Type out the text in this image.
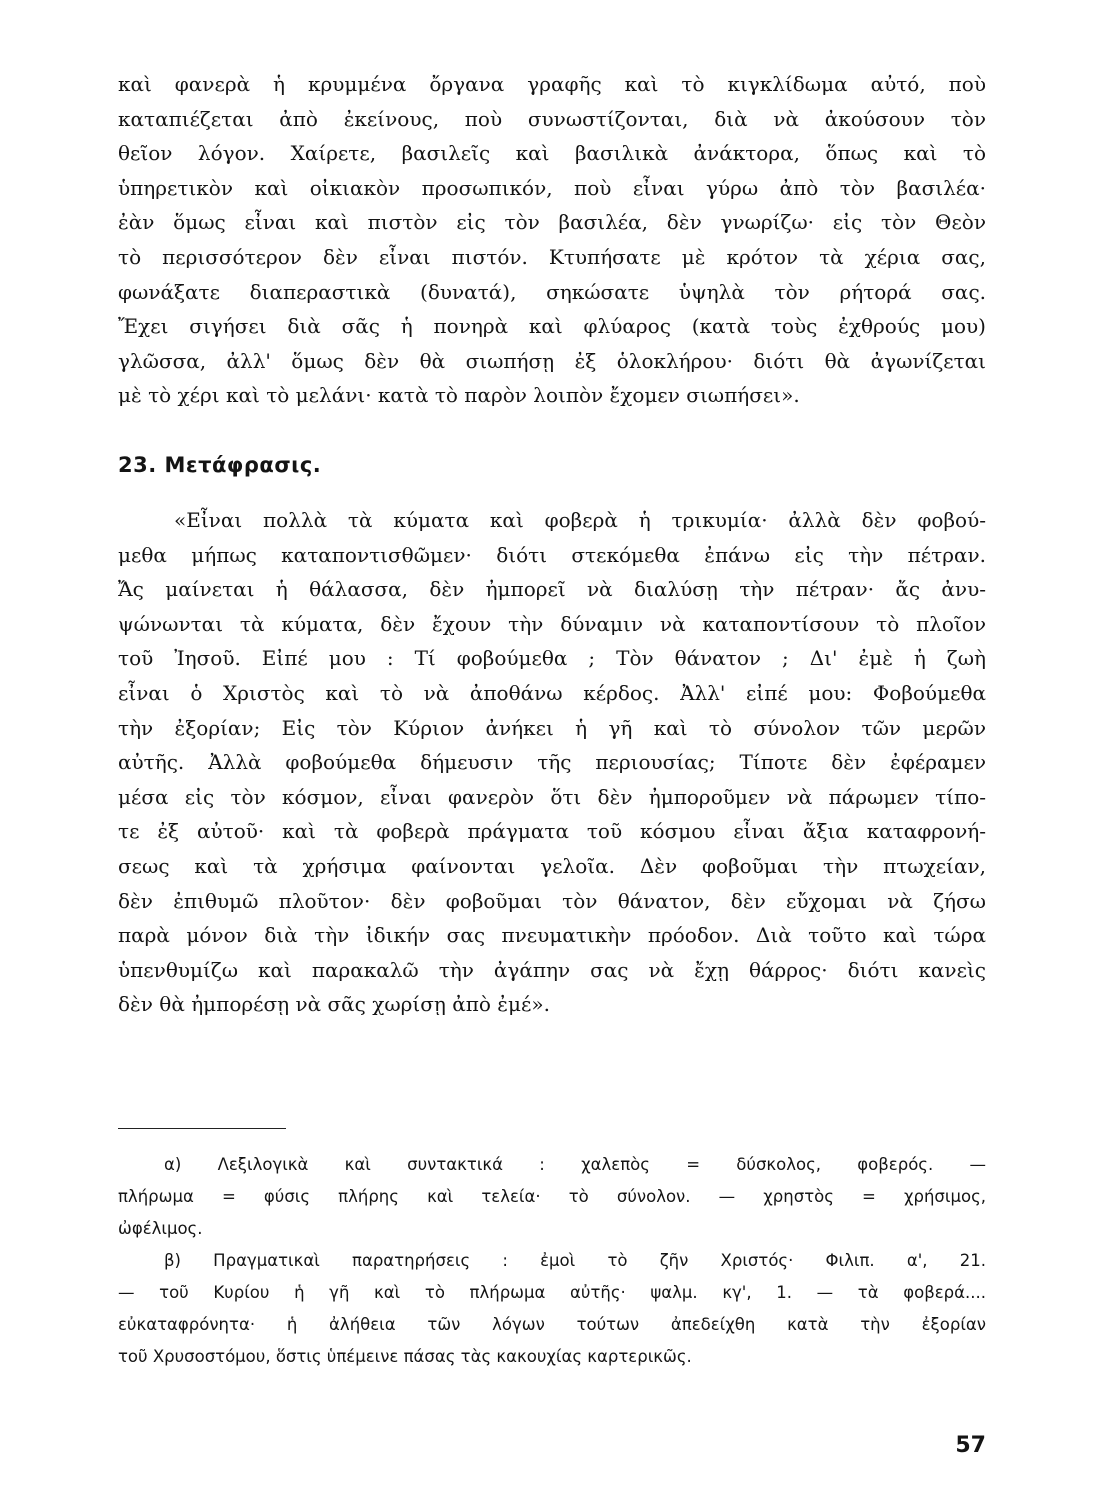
καὶ φανερὰ ἡ κρυμμένα ὄργανα γραφῆς καὶ τὸ κιγκλίδωμα αὐτό, ποὺ
καταπιέζεται ἀπὸ ἐκείνους, ποὺ συνωστίζονται, διὰ νὰ ἀκούσουν τὸν
θεῖον λόγον. Χαίρετε, βασιλεῖς καὶ βασιλικὰ ἀνάκτορα, ὅπως καὶ τὸ
ὑπηρετικὸν καὶ οἰκιακὸν προσωπικόν, ποὺ εἶναι γύρω ἀπὸ τὸν βασιλέα·
ἐὰν ὅμως εἶναι καὶ πιστὸν εἰς τὸν βασιλέα, δὲν γνωρίζω· εἰς τὸν Θεὸν
τὸ περισσότερον δὲν εἶναι πιστόν. Κτυπήσατε μὲ κρότον τὰ χέρια σας,
φωνάξατε διαπεραστικὰ (δυνατά), σηκώσατε ὑψηλὰ τὸν ρήτορά σας.
Ἔχει σιγήσει διὰ σᾶς ἡ πονηρὰ καὶ φλύαρος (κατὰ τοὺς ἐχθρούς μου)
γλῶσσα, ἀλλ' ὅμως δὲν θὰ σιωπήσῃ ἐξ ὁλοκλήρου· διότι θὰ ἀγωνίζεται
μὲ τὸ χέρι καὶ τὸ μελάνι· κατὰ τὸ παρὸν λοιπὸν ἔχομεν σιωπήσει».
23. Μετάφρασις.
«Εἶναι πολλὰ τὰ κύματα καὶ φοβερὰ ἡ τρικυμία· ἀλλὰ δὲν φοβού-
μεθα μήπως καταποντισθῶμεν· διότι στεκόμεθα ἐπάνω εἰς τὴν πέτραν.
Ἄς μαίνεται ἡ θάλασσα, δὲν ἠμπορεῖ νὰ διαλύσῃ τὴν πέτραν· ἄς ἀνυ-
ψώνωνται τὰ κύματα, δὲν ἔχουν τὴν δύναμιν νὰ καταποντίσουν τὸ πλοῖον
τοῦ Ἰησοῦ. Εἰπέ μου : Τί φοβούμεθα ; Τὸν θάνατον ; Δι' ἐμὲ ἡ ζωὴ
εἶναι ὁ Χριστὸς καὶ τὸ νὰ ἀποθάνω κέρδος. Ἀλλ' εἰπέ μου: Φοβούμεθα
τὴν ἐξορίαν; Εἰς τὸν Κύριον ἀνήκει ἡ γῆ καὶ τὸ σύνολον τῶν μερῶν
αὐτῆς. Ἀλλὰ φοβούμεθα δήμευσιν τῆς περιουσίας; Τίποτε δὲν ἐφέραμεν
μέσα εἰς τὸν κόσμον, εἶναι φανερὸν ὅτι δὲν ἠμποροῦμεν νὰ πάρωμεν τίπο-
τε ἐξ αὐτοῦ· καὶ τὰ φοβερὰ πράγματα τοῦ κόσμου εἶναι ἄξια καταφρονή-
σεως καὶ τὰ χρήσιμα φαίνονται γελοῖα. Δὲν φοβοῦμαι τὴν πτωχείαν,
δὲν ἐπιθυμῶ πλοῦτον· δὲν φοβοῦμαι τὸν θάνατον, δὲν εὔχομαι νὰ ζήσω
παρὰ μόνον διὰ τὴν ἰδικήν σας πνευματικὴν πρόοδον. Διὰ τοῦτο καὶ τώρα
ὑπενθυμίζω καὶ παρακαλῶ τὴν ἀγάπην σας νὰ ἔχῃ θάρρος· διότι κανεὶς
δὲν θὰ ἠμπορέσῃ νὰ σᾶς χωρίσῃ ἀπὸ ἐμέ».
α) Λεξιλογικὰ καὶ συντακτικά : χαλεπὸς = δύσκολος, φοβερός. —
πλήρωμα = φύσις πλήρης καὶ τελεία· τὸ σύνολον. — χρηστὸς = χρήσιμος,
ὠφέλιμος.
β) Πραγματικαὶ παρατηρήσεις : ἐμοὶ τὸ ζῆν Χριστός· Φιλιπ. α', 21.
— τοῦ Κυρίου ἡ γῆ καὶ τὸ πλήρωμα αὐτῆς· ψαλμ. κγ', 1. — τὰ φοβερά....
εὐκαταφρόνητα· ἡ ἀλήθεια τῶν λόγων τούτων ἀπεδείχθη κατὰ τὴν ἐξορίαν
τοῦ Χρυσοστόμου, ὅστις ὑπέμεινε πάσας τὰς κακουχίας καρτερικῶς.
57
